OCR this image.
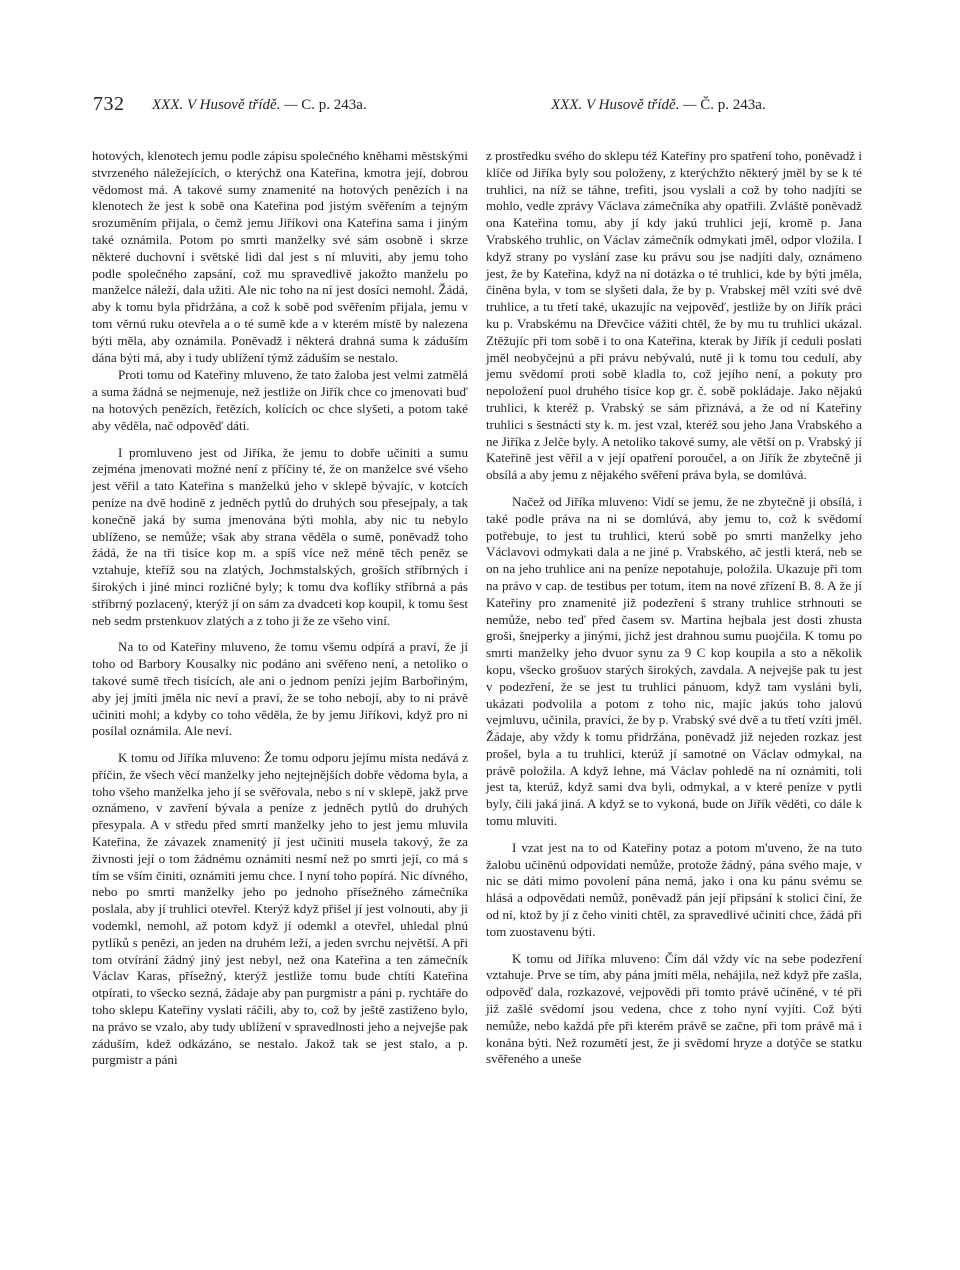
732 XXX. V Husově třídě. — C. p. 243a.	XXX. V Husově třídě. — Č. p. 243a.

hotových, klenotech jemu podle zápisu společného kněhami městskými stvrzeného náležejících, o kterýchž ona Kateřina, kmotra její, dobrou vědomost má. A takové sumy znamenité na hotových penězích i na klenotech že jest k sobě ona Kateřina pod jistým svěřením a tejným srozuměním přijala, o čemž jemu Jiříkovi ona Kateřina sama i jiným také oznámila. Potom po smrti manželky své sám osobně i skrze některé duchovní i světské lidi dal jest s ní mluviti, aby jemu toho podle společného zapsání, což mu spravedlivě jakožto manželu po manželce náleží, dala užiti. Ale nic toho na ní jest dosíci nemohl. Žádá, aby k tomu byla přidržána, a což k sobě pod svěřením přijala, jemu v tom věrnú ruku otevřela a o té sumě kde a v kterém místě by nalezena býti měla, aby oznámila. Poněvadž i některá drahná suma k záduším dána býti má, aby i tudy ublížení týmž záduším se nestalo.

Proti tomu od Kateřiny mluveno, že tato žaloba jest velmi zatmělá a suma žádná se nejmenuje, než jestliže on Jiřík chce co jmenovati buď na hotových penězích, řetězích, kolících oc chce slyšeti, a potom také aby věděla, nač odpověď dáti.

I promluveno jest od Jiříka, že jemu to dobře učiniti a sumu zejména jmenovati možné není z příčiny té, že on manželce své všeho jest věřil a tato Kateřina s manželkú jeho v sklepě bývajíc, v kotcích peníze na dvě hodině z jedněch pytlů do druhých sou přesejpaly, a tak konečně jaká by suma jmenována býti mohla, aby nic tu nebylo ublíženo, se nemůže; však aby strana věděla o sumě, poněvadž toho žádá, že na tři tisíce kop m. a spíš více než méně těch peněz se vztahuje, kteříž sou na zlatých, Jochmstalských, groších stříbrných i širokých i jiné minci rozličné byly; k tomu dva koflíky stříbrná a pás stříbrný pozlacený, kterýž jí on sám za dvadceti kop koupil, k tomu šest neb sedm prstenkuov zlatých a z toho ji že ze všeho viní.

Na to od Kateřiny mluveno, že tomu všemu odpírá a praví, že jí toho od Barbory Kousalky nic podáno ani svěřeno není, a netoliko o takové sumě třech tisících, ale ani o jednom penízi jejím Barbořiným, aby jej jmíti jměla nic neví a praví, že se toho nebojí, aby to ni právě učiniti mohl; a kdyby co toho věděla, že by jemu Jiříkovi, když pro ni posílal oznámila. Ale neví.

K tomu od Jiříka mluveno: Že tomu odporu jejímu místa nedává z příčin, že všech věcí manželky jeho nejtejnějších dobře vědoma byla, a toho všeho manželka jeho jí se svěřovala, nebo s ní v sklepě, jakž prve oznámeno, v zavření bývala a peníze z jedněch pytlů do druhých přesypala. A v středu před smrtí manželky jeho to jest jemu mluvila Kateřina, že závazek znamenitý jí jest učiniti musela takový, že za živnosti její o tom žádnému oznámiti nesmí než po smrti její, co má s tím se vším činiti, oznámiti jemu chce. I nyní toho popírá. Nic dívného, nebo po smrti manželky jeho po jednoho přísežného zámečníka poslala, aby jí truhlici otevřel. Kterýž když přišel jí jest volnouti, aby ji vodemkl, nemohl, až potom když jí odemkl a otevřel, uhledal plnú pytlíků s penězi, an jeden na druhém leží, a jeden svrchu největší. A při tom otvírání žádný jiný jest nebyl, než ona Kateřina a ten zámečník Václav Karas, přísežný, kterýž jestliže tomu bude chtíti Kateřina otpírati, to všecko sezná, žádaje aby pan purgmistr a páni p. rychtáře do toho sklepu Kateřiny vyslati ráčili, aby to, což by ještě zastiženo bylo, na právo se vzalo, aby tudy ublížení v spravedlnosti jeho a nejvejše pak záduším, kdež odkázáno, se nestalo. Jakož tak se jest stalo, a p. purgmistr a páni

z prostředku svého do sklepu též Kateřiny pro spatření toho, poněvadž i klíče od Jiříka byly sou položeny, z kterýchžto některý jměl by se k té truhlici, na níž se táhne, trefiti, jsou vyslali a což by toho nadjíti se mohlo, vedle zprávy Václava zámečníka aby opatřili. Zvláště poněvadž ona Kateřina tomu, aby jí kdy jakú truhlici její, kromě p. Jana Vrabského truhlic, on Václav zámečník odmykati jměl, odpor vložila. I když strany po vyslání zase ku právu sou jse nadjíti daly, oznámeno jest, že by Kateřina, když na ní dotázka o té truhlici, kde by býti jměla, činěna byla, v tom se slyšeti dala, že by p. Vrabskej měl vzíti své dvě truhlice, a tu třetí také, ukazujíc na vejpověď, jestliže by on Jiřík práci ku p. Vrabskému na Dřevčice vážiti chtěl, že by mu tu truhlici ukázal. Ztěžujíc při tom sobě i to ona Kateřina, kterak by Jiřík jí ceduli poslati jměl neobyčejnú a při právu nebývalú, nutě ji k tomu tou cedulí, aby jemu svědomí proti sobě kladla to, což jejího není, a pokuty pro nepoložení puol druhého tisíce kop gr. č. sobě pokládaje. Jako nějakú truhlici, k kteréž p. Vrabský se sám přiznává, a že od ní Kateřiny truhlici s šestnácti sty k. m. jest vzal, kteréž sou jeho Jana Vrabského a ne Jiříka z Jelče byly. A netoliko takové sumy, ale větší on p. Vrabský jí Kateřině jest věřil a v její opatření poroučel, a on Jiřík že zbytečně ji obsílá a aby jemu z nějakého svěření práva byla, se domlúvá.

Načež od Jiříka mluveno: Vidí se jemu, že ne zbytečně ji obsílá, i také podle práva na ni se domlúvá, aby jemu to, což k svědomí potřebuje, to jest tu truhlici, kterú sobě po smrti manželky jeho Václavovi odmykati dala a ne jiné p. Vrabského, ač jestli která, neb se on na jeho truhlice ani na peníze nepotahuje, položila. Ukazuje při tom na právo v cap. de testibus per totum, item na nové zřízení B. 8. A že jí Kateřiny pro znamenité již podezření š strany truhlice strhnouti se nemůže, nebo teď před časem sv. Martina hejbala jest dosti zhusta groši, šnejperky a jinými, jichž jest drahnou sumu puojčila. K tomu po smrti manželky jeho dvuor synu za 9 C kop koupila a sto a několik kopu, všecko grošuov starých širokých, zavdala. A nejvejše pak tu jest v podezření, že se jest tu truhlici pánuom, když tam vysláni byli, ukázati podvolila a potom z toho nic, majíc jakús toho jalovú vejmluvu, učinila, pravíci, že by p. Vrabský své dvě a tu třetí vzíti jměl. Žádaje, aby vždy k tomu přidržána, poněvadž již nejeden rozkaz jest prošel, byla a tu truhlici, kterúž jí samotné on Václav odmykal, na právě položila. A když lehne, má Václav pohledě na ní oznámiti, toli jest ta, kterúž, když sami dva byli, odmykal, a v které peníze v pytli byly, čili jaká jiná. A když se to vykoná, bude on Jiřík věděti, co dále k tomu mluviti.

I vzat jest na to od Kateřiny potaz a potom m'uveno, že na tuto žalobu učiněnú odpovídati nemůže, protože žádný, pána svého maje, v nic se dáti mimo povolení pána nemá, jako i ona ku pánu svému se hlásá a odpovědati nemůž, poněvadž pán její připsání k stolici činí, že od ní, ktož by jí z čeho viniti chtěl, za spravedlivé učiniti chce, žádá při tom zuostavenu býti.

K tomu od Jiříka mluveno: Čím dál vždy víc na sebe podezření vztahuje. Prve se tím, aby pána jmíti měla, nehájila, než když pře zašla, odpověď dala, rozkazové, vejpovědi při tomto právě učiněné, v té při již zašlé svědomí jsou vedena, chce z toho nyní vyjíti. Což býti nemůže, nebo každá pře při kterém právě se začne, při tom právě má i konána býti. Než rozumětí jest, že ji svědomí hryze a dotýče se statku svěřeného a uneše
